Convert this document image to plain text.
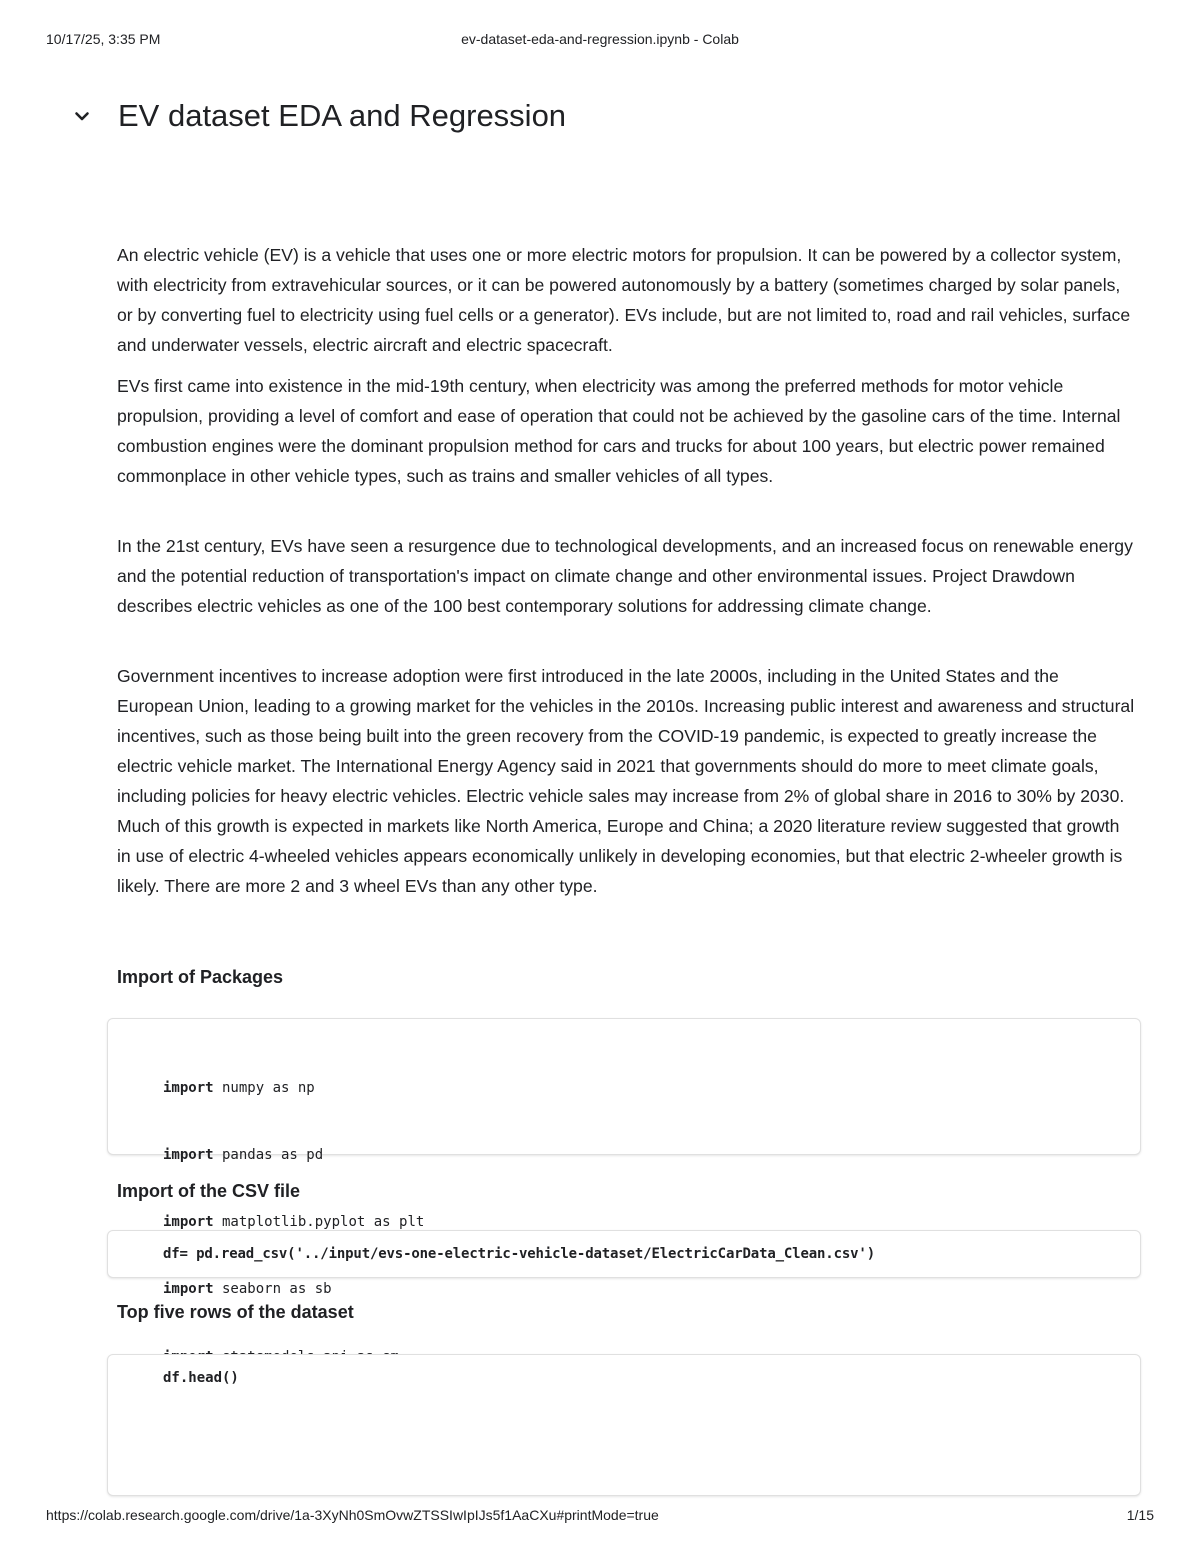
10/17/25, 3:35 PM	ev-dataset-eda-and-regression.ipynb - Colab
EV dataset EDA and Regression

An electric vehicle (EV) is a vehicle that uses one or more electric motors for propulsion. It can be powered by a collector system, with electricity from extravehicular sources, or it can be powered autonomously by a battery (sometimes charged by solar panels, or by converting fuel to electricity using fuel cells or a generator). EVs include, but are not limited to, road and rail vehicles, surface and underwater vessels, electric aircraft and electric spacecraft.

EVs first came into existence in the mid-19th century, when electricity was among the preferred methods for motor vehicle propulsion, providing a level of comfort and ease of operation that could not be achieved by the gasoline cars of the time. Internal combustion engines were the dominant propulsion method for cars and trucks for about 100 years, but electric power remained commonplace in other vehicle types, such as trains and smaller vehicles of all types.

In the 21st century, EVs have seen a resurgence due to technological developments, and an increased focus on renewable energy and the potential reduction of transportation's impact on climate change and other environmental issues. Project Drawdown describes electric vehicles as one of the 100 best contemporary solutions for addressing climate change.

Government incentives to increase adoption were first introduced in the late 2000s, including in the United States and the European Union, leading to a growing market for the vehicles in the 2010s. Increasing public interest and awareness and structural incentives, such as those being built into the green recovery from the COVID-19 pandemic, is expected to greatly increase the electric vehicle market. The International Energy Agency said in 2021 that governments should do more to meet climate goals, including policies for heavy electric vehicles. Electric vehicle sales may increase from 2% of global share in 2016 to 30% by 2030. Much of this growth is expected in markets like North America, Europe and China; a 2020 literature review suggested that growth in use of electric 4-wheeled vehicles appears economically unlikely in developing economies, but that electric 2-wheeler growth is likely. There are more 2 and 3 wheel EVs than any other type.

Import of Packages

import numpy as np

import pandas as pd

import matplotlib.pyplot as plt

import seaborn as sb

Import of the CSV file
df= pd.read_csv('../input/evs-one-electric-vehicle-dataset/ElectricCarData_Clean.csv')
Top five rows of the dataset
df.head()
https://colab.research.google.com/drive/1a-3XyNh0SmOvwZTSSIwIpIJs5f1AaCXu#printMode=true	1/15
